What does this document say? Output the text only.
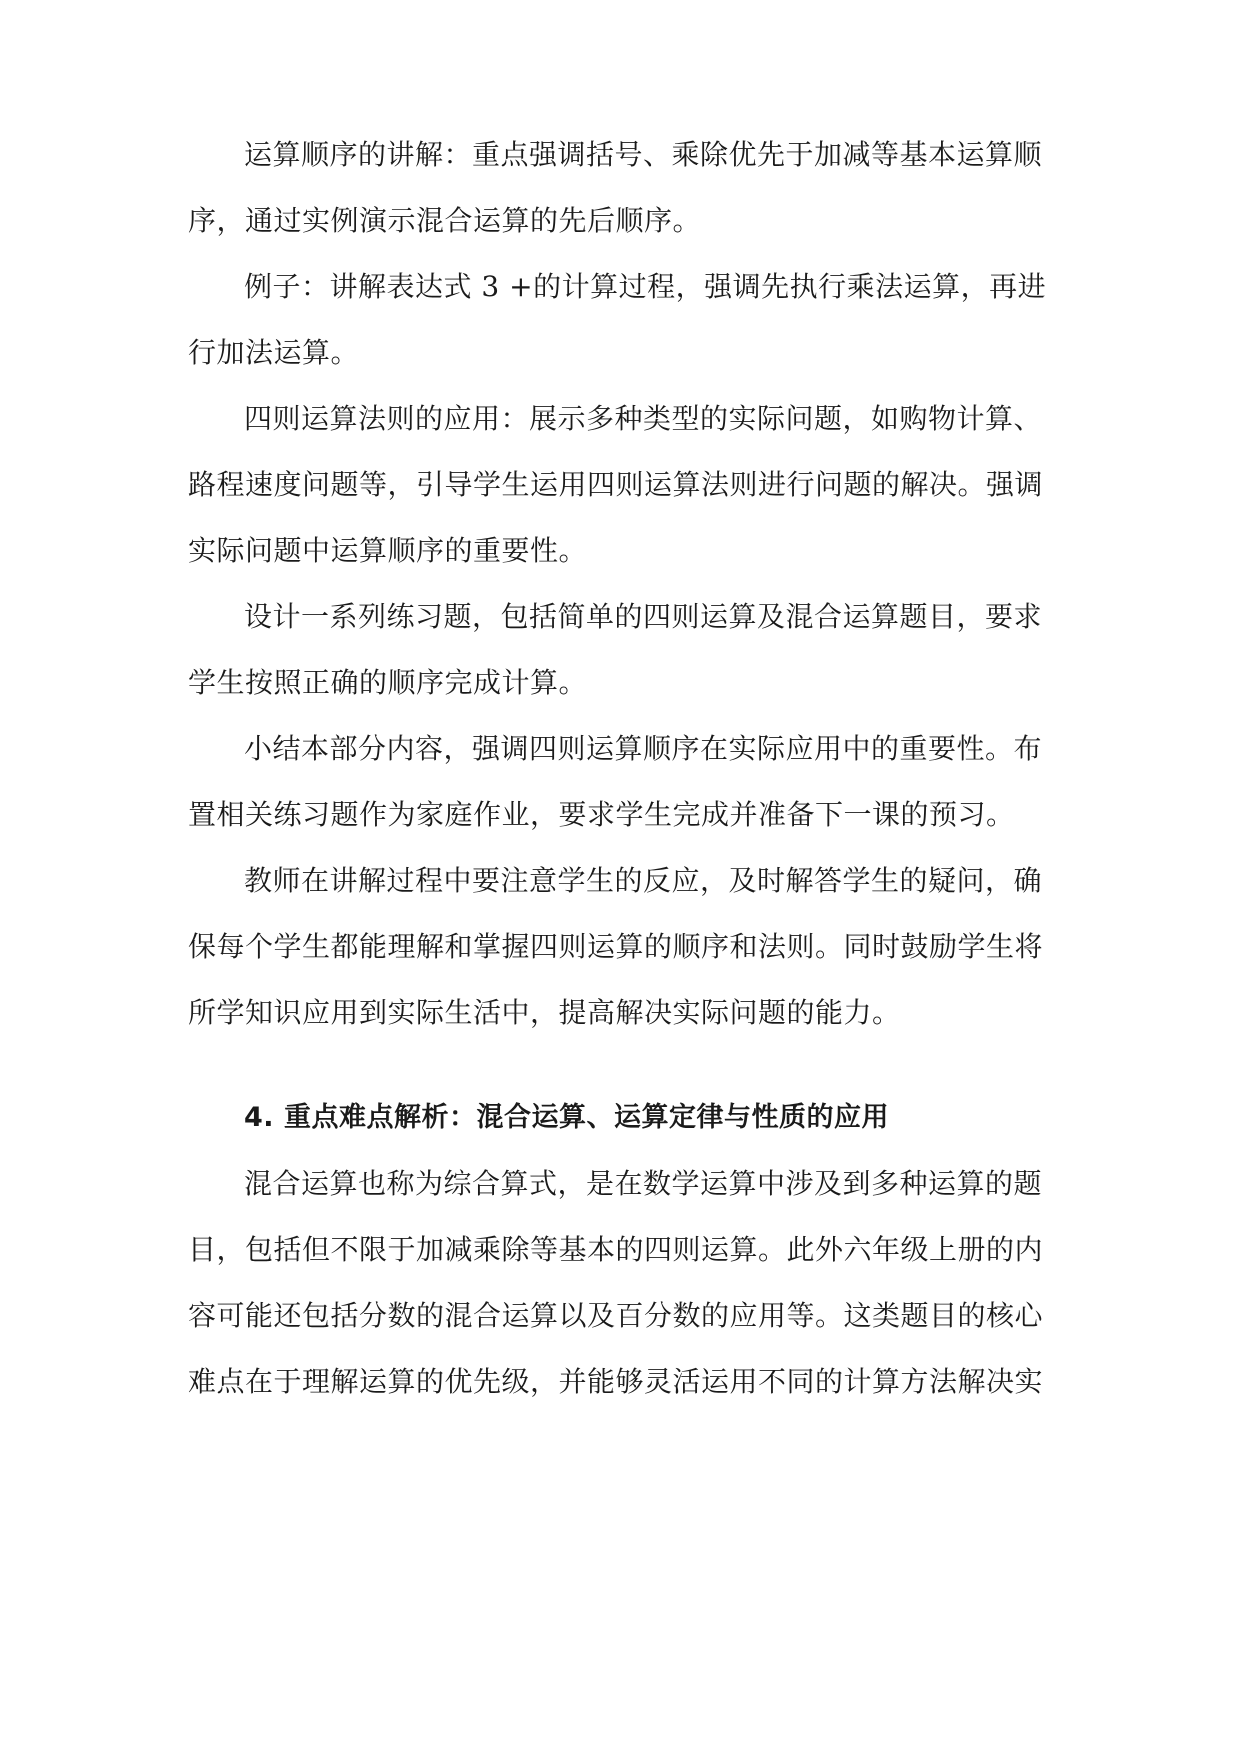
运算顺序的讲解：重点强调括号、乘除优先于加减等基本运算顺
序，通过实例演示混合运算的先后顺序。
例子：讲解表达式 3 +的计算过程，强调先执行乘法运算，再进
行加法运算。
四则运算法则的应用：展示多种类型的实际问题，如购物计算、
路程速度问题等，引导学生运用四则运算法则进行问题的解决。强调
实际问题中运算顺序的重要性。
设计一系列练习题，包括简单的四则运算及混合运算题目，要求
学生按照正确的顺序完成计算。
小结本部分内容，强调四则运算顺序在实际应用中的重要性。布
置相关练习题作为家庭作业，要求学生完成并准备下一课的预习。
教师在讲解过程中要注意学生的反应，及时解答学生的疑问，确
保每个学生都能理解和掌握四则运算的顺序和法则。同时鼓励学生将
所学知识应用到实际生活中，提高解决实际问题的能力。
4. 重点难点解析：混合运算、运算定律与性质的应用
混合运算也称为综合算式，是在数学运算中涉及到多种运算的题
目，包括但不限于加减乘除等基本的四则运算。此外六年级上册的内
容可能还包括分数的混合运算以及百分数的应用等。这类题目的核心
难点在于理解运算的优先级，并能够灵活运用不同的计算方法解决实
